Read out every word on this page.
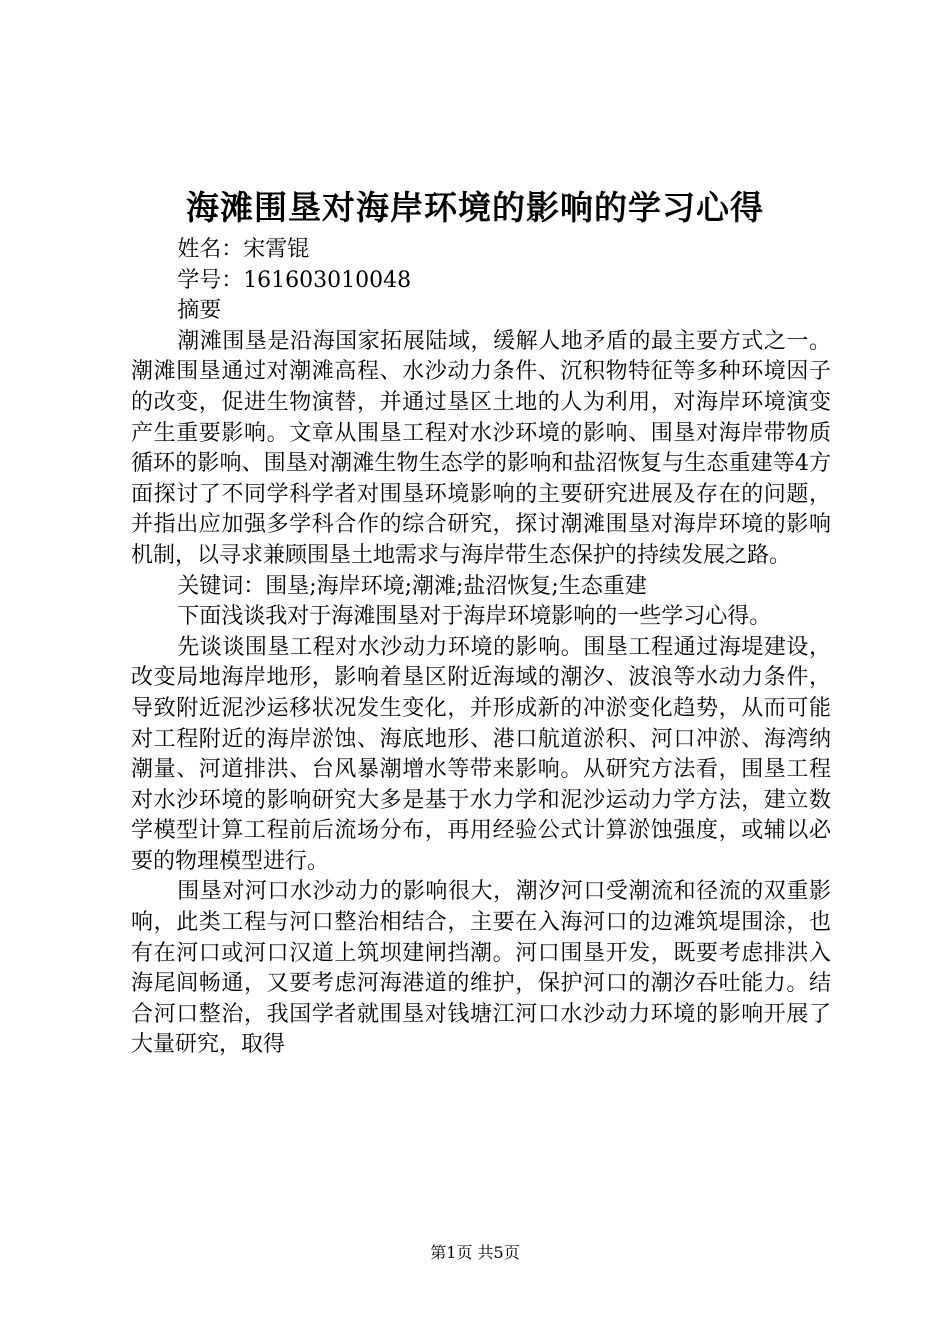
海滩围垦对海岸环境的影响的学习心得

姓名：宋霄锟

学号：161603010048

摘要

潮滩围垦是沿海国家拓展陆域，缓解人地矛盾的最主要方式之一。潮滩围垦通过对潮滩高程、水沙动力条件、沉积物特征等多种环境因子的改变，促进生物演替，并通过垦区土地的人为利用，对海岸环境演变产生重要影响。文章从围垦工程对水沙环境的影响、围垦对海岸带物质循环的影响、围垦对潮滩生物生态学的影响和盐沼恢复与生态重建等4方面探讨了不同学科学者对围垦环境影响的主要研究进展及存在的问题，并指出应加强多学科合作的综合研究，探讨潮滩围垦对海岸环境的影响机制，以寻求兼顾围垦土地需求与海岸带生态保护的持续发展之路。

关键词：围垦;海岸环境;潮滩;盐沼恢复;生态重建

下面浅谈我对于海滩围垦对于海岸环境影响的一些学习心得。

先谈谈围垦工程对水沙动力环境的影响。围垦工程通过海堤建设，改变局地海岸地形，影响着垦区附近海域的潮汐、波浪等水动力条件，导致附近泥沙运移状况发生变化，并形成新的冲淤变化趋势，从而可能对工程附近的海岸淤蚀、海底地形、港口航道淤积、河口冲淤、海湾纳潮量、河道排洪、台风暴潮增水等带来影响。从研究方法看，围垦工程对水沙环境的影响研究大多是基于水力学和泥沙运动力学方法，建立数学模型计算工程前后流场分布，再用经验公式计算淤蚀强度，或辅以必要的物理模型进行。

围垦对河口水沙动力的影响很大，潮汐河口受潮流和径流的双重影响，此类工程与河口整治相结合，主要在入海河口的边滩筑堤围涂，也有在河口或河口汉道上筑坝建闸挡潮。河口围垦开发，既要考虑排洪入海尾闾畅通，又要考虑河海港道的维护，保护河口的潮汐吞吐能力。结合河口整治，我国学者就围垦对钱塘江河口水沙动力环境的影响开展了大量研究，取得

第1页 共5页
